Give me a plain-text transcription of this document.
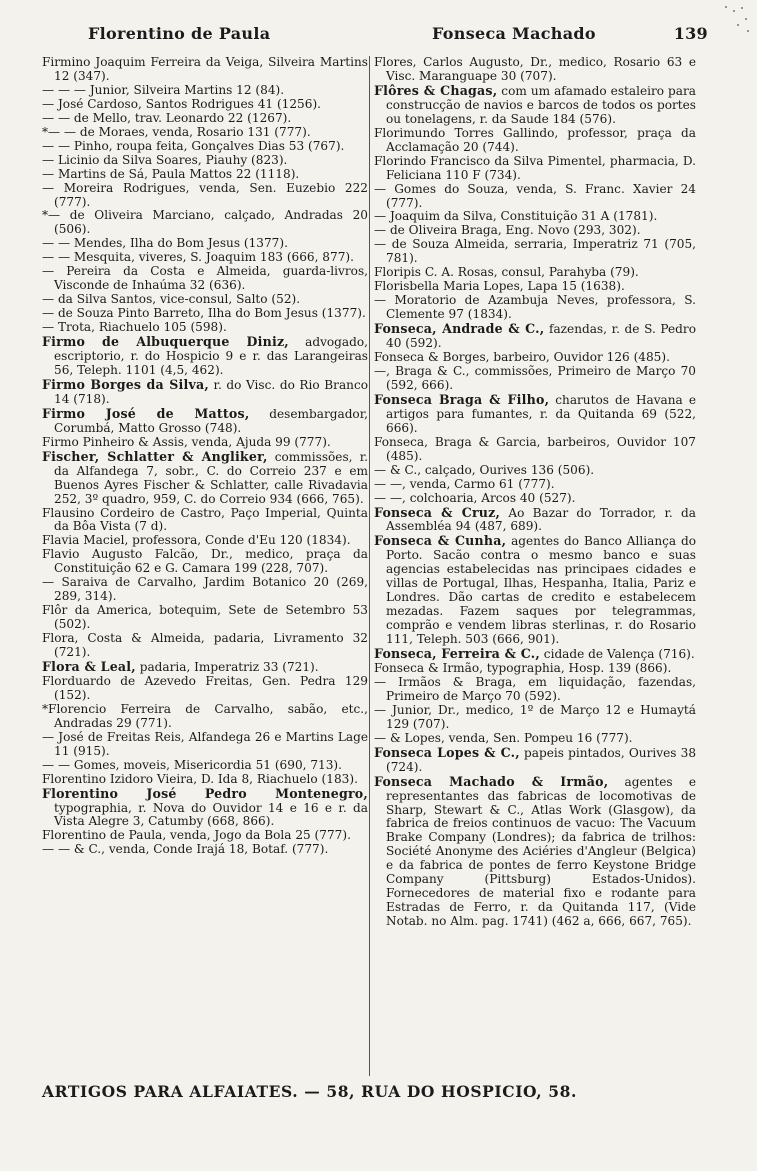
Florentino de Paula	Fonseca Machado	139

Firmino Joaquim Ferreira da Veiga, Silveira Martins 12 (347).

— — — Junior, Silveira Martins 12 (84).

— José Cardoso, Santos Rodrigues 41 (1256).

— — de Mello, trav. Leonardo 22 (1267).

*— — de Moraes, venda, Rosario 131 (777).

— — Pinho, roupa feita, Gonçalves Dias 53 (767).

— Licinio da Silva Soares, Piauhy (823).

— Martins de Sá, Paula Mattos 22 (1118).

— Moreira Rodrigues, venda, Sen. Euzebio 222 (777).

*— de Oliveira Marciano, calçado, Andradas 20 (506).

— — Mendes, Ilha do Bom Jesus (1377).

— — Mesquita, viveres, S. Joaquim 183 (666, 877).

— Pereira da Costa e Almeida, guarda-livros, Visconde de Inhaúma 32 (636).

— da Silva Santos, vice-consul, Salto (52).

— de Souza Pinto Barreto, Ilha do Bom Jesus (1377).

— Trota, Riachuelo 105 (598).

Firmo de Albuquerque Diniz, advogado, escriptorio, r. do Hospicio 9 e r. das Larangeiras 56, Teleph. 1101 (4,5, 462).

Firmo Borges da Silva, r. do Visc. do Rio Branco 14 (718).

Firmo José de Mattos, desembargador, Corumbá, Matto Grosso (748).

Firmo Pinheiro & Assis, venda, Ajuda 99 (777).

Fischer, Schlatter & Angliker, commissões, r. da Alfandega 7, sobr., C. do Correio 237 e em Buenos Ayres Fischer & Schlatter, calle Rivadavia 252, 3º quadro, 959, C. do Correio 934 (666, 765).

Flausino Cordeiro de Castro, Paço Imperial, Quinta da Bôa Vista (7 d).

Flavia Maciel, professora, Conde d'Eu 120 (1834).

Flavio Augusto Falcão, Dr., medico, praça da Constituição 62 e G. Camara 199 (228, 707).

— Saraiva de Carvalho, Jardim Botanico 20 (269, 289, 314).

Flôr da America, botequim, Sete de Setembro 53 (502).

Flora, Costa & Almeida, padaria, Livramento 32 (721).

Flora & Leal, padaria, Imperatriz 33 (721).

Florduardo de Azevedo Freitas, Gen. Pedra 129 (152).

*Florencio Ferreira de Carvalho, sabão, etc., Andradas 29 (771).

— José de Freitas Reis, Alfandega 26 e Martins Lage 11 (915).

— — Gomes, moveis, Misericordia 51 (690, 713).

Florentino Izidoro Vieira, D. Ida 8, Riachuelo (183).

Florentino José Pedro Montenegro, typographia, r. Nova do Ouvidor 14 e 16 e r. da Vista Alegre 3, Catumby (668, 866).

Florentino de Paula, venda, Jogo da Bola 25 (777).

— — & C., venda, Conde Irajá 18, Botaf. (777).

Flores, Carlos Augusto, Dr., medico, Rosario 63 e Visc. Maranguape 30 (707).

Flôres & Chagas, com um afamado estaleiro para construcção de navios e barcos de todos os portes ou tonelagens, r. da Saude 184 (576).

Florimundo Torres Gallindo, professor, praça da Acclamação 20 (744).

Florindo Francisco da Silva Pimentel, pharmacia, D. Feliciana 110 F (734).

— Gomes do Souza, venda, S. Franc. Xavier 24 (777).

— Joaquim da Silva, Constituição 31 A (1781).

— de Oliveira Braga, Eng. Novo (293, 302).

— de Souza Almeida, serraria, Imperatriz 71 (705, 781).

Floripis C. A. Rosas, consul, Parahyba (79).

Florisbella Maria Lopes, Lapa 15 (1638).

— Moratorio de Azambuja Neves, professora, S. Clemente 97 (1834).

Fonseca, Andrade & C., fazendas, r. de S. Pedro 40 (592).

Fonseca & Borges, barbeiro, Ouvidor 126 (485).

—, Braga & C., commissões, Primeiro de Março 70 (592, 666).

Fonseca Braga & Filho, charutos de Havana e artigos para fumantes, r. da Quitanda 69 (522, 666).

Fonseca, Braga & Garcia, barbeiros, Ouvidor 107 (485).

— & C., calçado, Ourives 136 (506).

— —, venda, Carmo 61 (777).

— —, colchoaria, Arcos 40 (527).

Fonseca & Cruz, Ao Bazar do Torrador, r. da Assembléa 94 (487, 689).

Fonseca & Cunha, agentes do Banco Alliança do Porto. Sacão contra o mesmo banco e suas agencias estabelecidas nas principaes cidades e villas de Portugal, Ilhas, Hespanha, Italia, Pariz e Londres. Dão cartas de credito e estabelecem mezadas. Fazem saques por telegrammas, comprão e vendem libras sterlinas, r. do Rosario 111, Teleph. 503 (666, 901).

Fonseca, Ferreira & C., cidade de Valença (716).

Fonseca & Irmão, typographia, Hosp. 139 (866).

— Irmãos & Braga, em liquidação, fazendas, Primeiro de Março 70 (592).

— Junior, Dr., medico, 1º de Março 12 e Humaytá 129 (707).

— & Lopes, venda, Sen. Pompeu 16 (777).

Fonseca Lopes & C., papeis pintados, Ourives 38 (724).

Fonseca Machado & Irmão, agentes e representantes das fabricas de locomotivas de Sharp, Stewart & C., Atlas Work (Glasgow), da fabrica de freios continuos de vacuo: The Vacuum Brake Company (Londres); da fabrica de trilhos: Société Anonyme des Aciéries d'Angleur (Belgica) e da fabrica de pontes de ferro Keystone Bridge Company (Pittsburg) Estados-Unidos). Fornecedores de material fixo e rodante para Estradas de Ferro, r. da Quitanda 117, (Vide Notab. no Alm. pag. 1741) (462 a, 666, 667, 765).

ARTIGOS PARA ALFAIATES. — 58, RUA DO HOSPICIO, 58.
